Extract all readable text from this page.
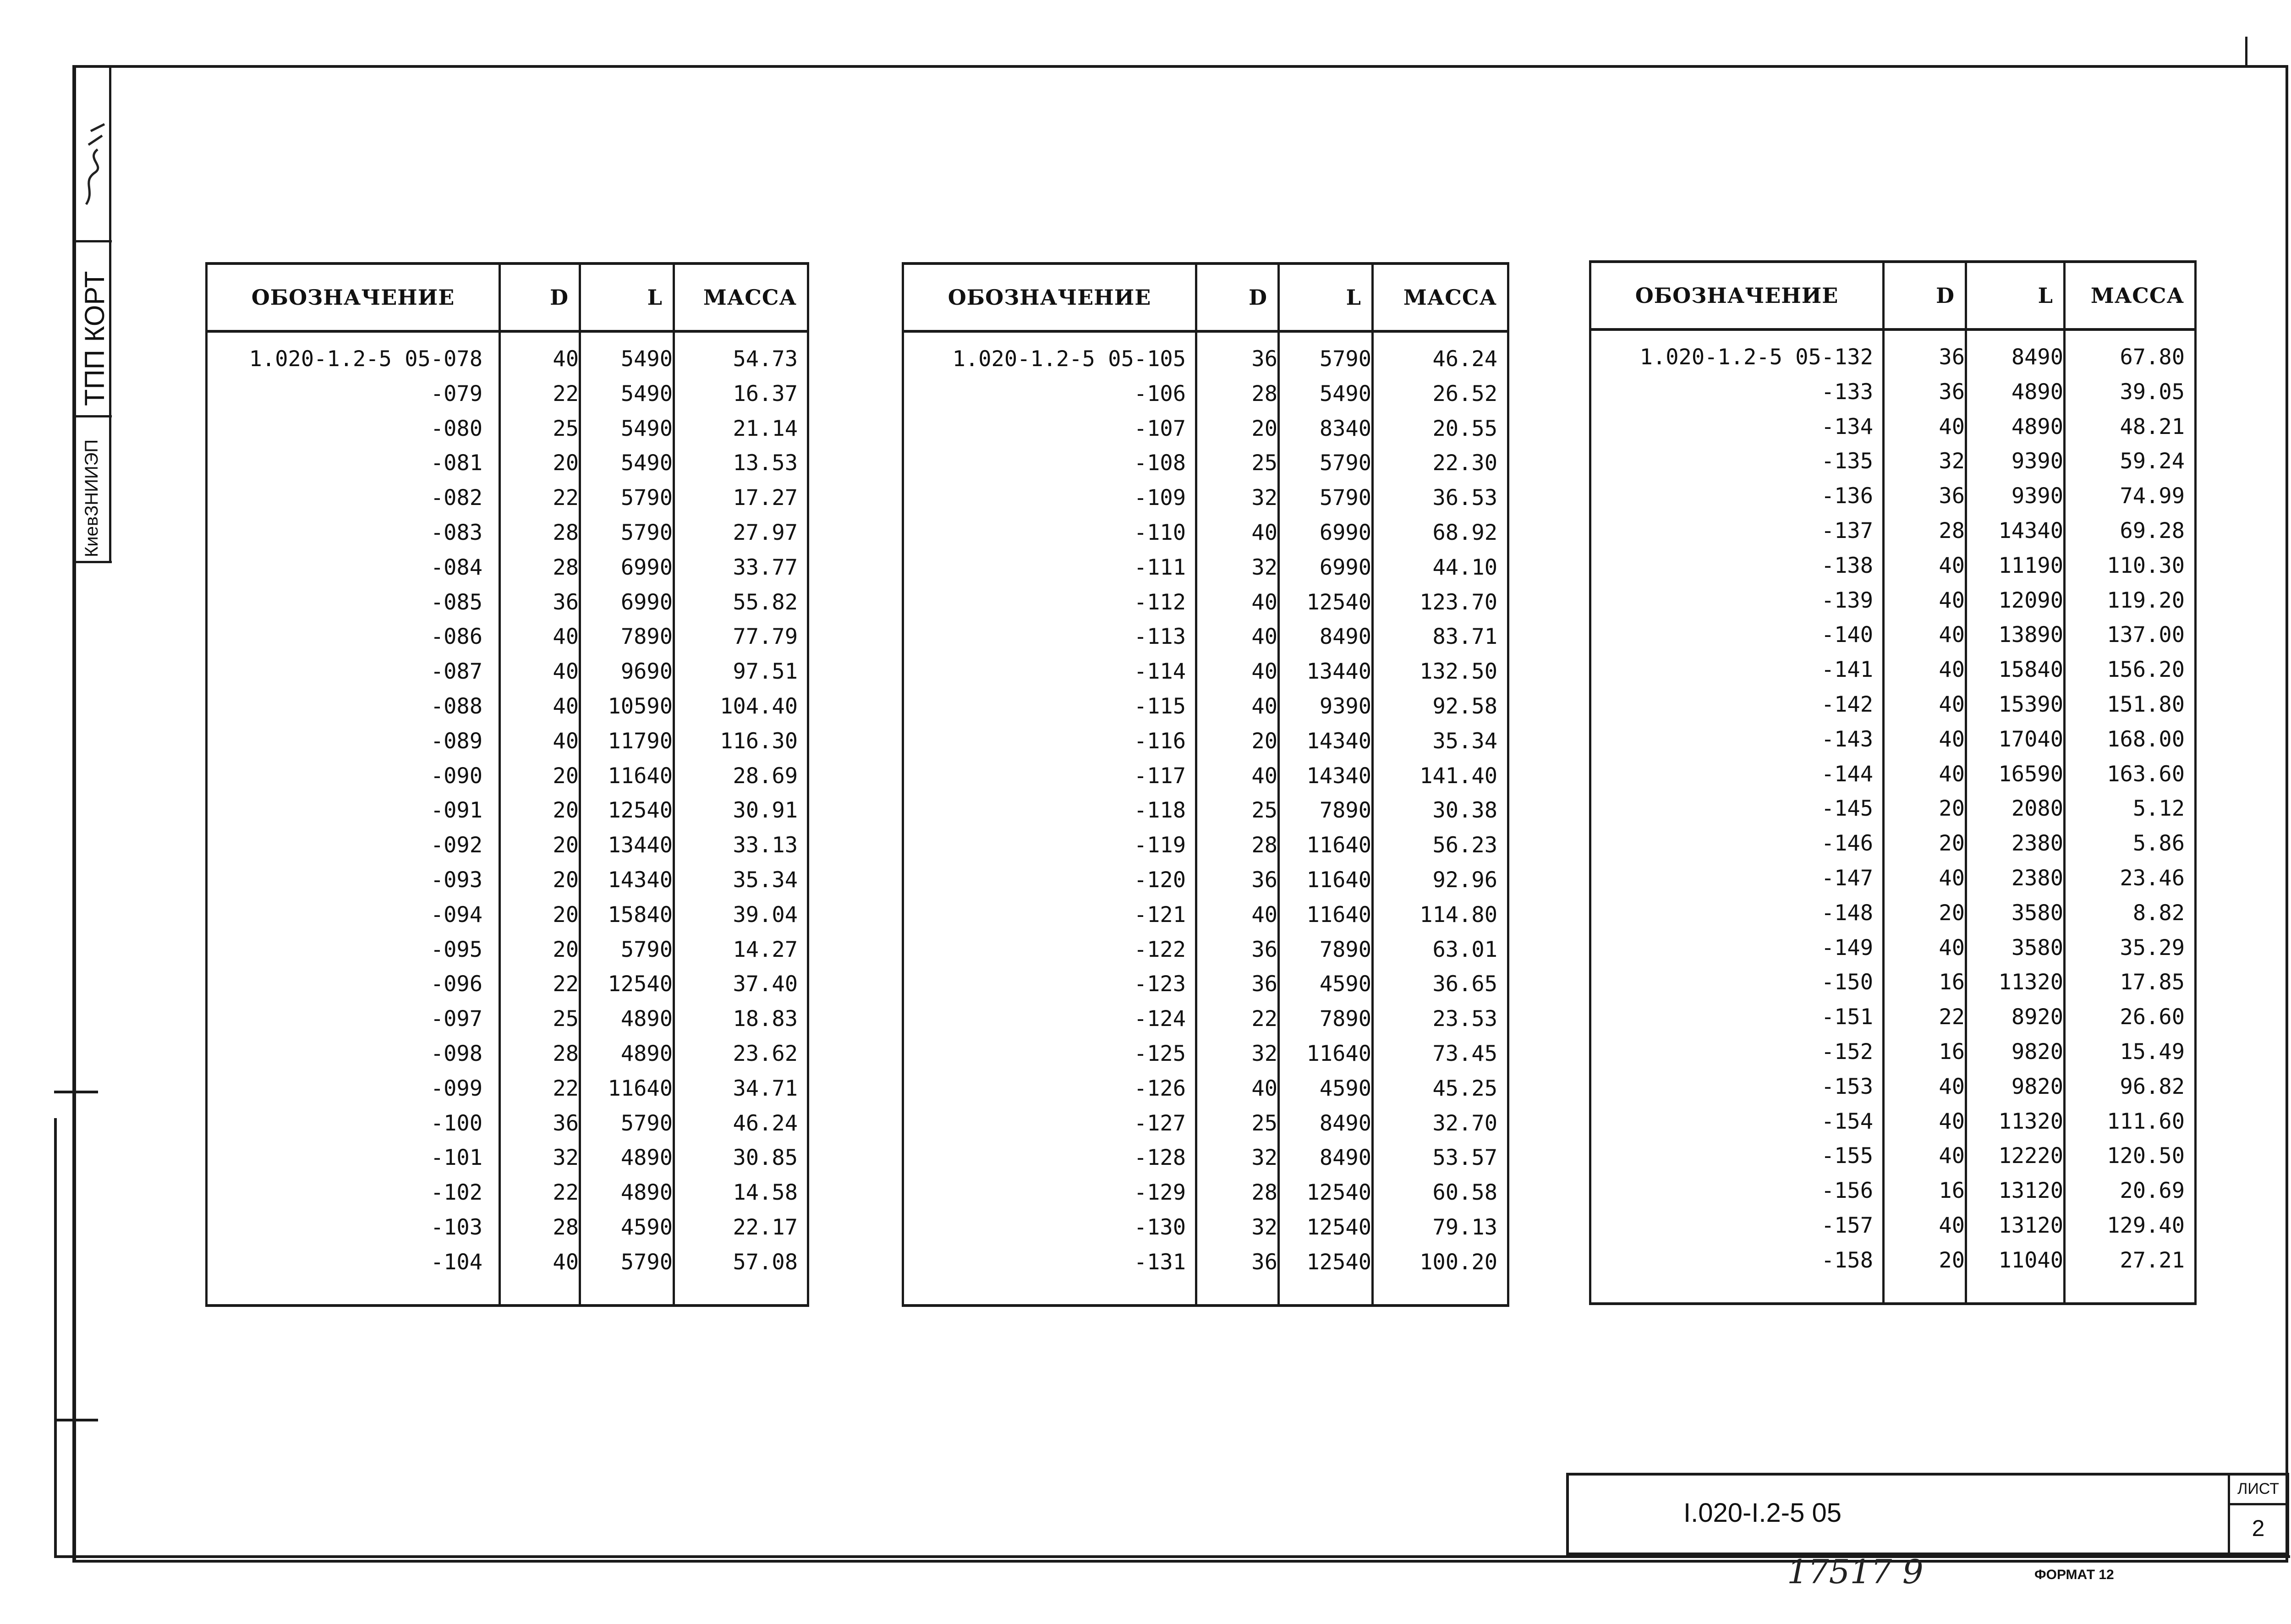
ТПП КОРТ
КиевЗНИИЭП
ОБОЗНАЧЕНИЕ	D	L	МАССА
1.020-1.2-5 05-078	40	5490	54.73
-079	22	5490	16.37
-080	25	5490	21.14
-081	20	5490	13.53
-082	22	5790	17.27
-083	28	5790	27.97
-084	28	6990	33.77
-085	36	6990	55.82
-086	40	7890	77.79
-087	40	9690	97.51
-088	40	10590	104.40
-089	40	11790	116.30
-090	20	11640	28.69
-091	20	12540	30.91
-092	20	13440	33.13
-093	20	14340	35.34
-094	20	15840	39.04
-095	20	5790	14.27
-096	22	12540	37.40
-097	25	4890	18.83
-098	28	4890	23.62
-099	22	11640	34.71
-100	36	5790	46.24
-101	32	4890	30.85
-102	22	4890	14.58
-103	28	4590	22.17
-104	40	5790	57.08
ОБОЗНАЧЕНИЕ	D	L	МАССА
1.020-1.2-5 05-105	36	5790	46.24
-106	28	5490	26.52
-107	20	8340	20.55
-108	25	5790	22.30
-109	32	5790	36.53
-110	40	6990	68.92
-111	32	6990	44.10
-112	40	12540	123.70
-113	40	8490	83.71
-114	40	13440	132.50
-115	40	9390	92.58
-116	20	14340	35.34
-117	40	14340	141.40
-118	25	7890	30.38
-119	28	11640	56.23
-120	36	11640	92.96
-121	40	11640	114.80
-122	36	7890	63.01
-123	36	4590	36.65
-124	22	7890	23.53
-125	32	11640	73.45
-126	40	4590	45.25
-127	25	8490	32.70
-128	32	8490	53.57
-129	28	12540	60.58
-130	32	12540	79.13
-131	36	12540	100.20
ОБОЗНАЧЕНИЕ	D	L	МАССА
1.020-1.2-5 05-132	36	8490	67.80
-133	36	4890	39.05
-134	40	4890	48.21
-135	32	9390	59.24
-136	36	9390	74.99
-137	28	14340	69.28
-138	40	11190	110.30
-139	40	12090	119.20
-140	40	13890	137.00
-141	40	15840	156.20
-142	40	15390	151.80
-143	40	17040	168.00
-144	40	16590	163.60
-145	20	2080	5.12
-146	20	2380	5.86
-147	40	2380	23.46
-148	20	3580	8.82
-149	40	3580	35.29
-150	16	11320	17.85
-151	22	8920	26.60
-152	16	9820	15.49
-153	40	9820	96.82
-154	40	11320	111.60
-155	40	12220	120.50
-156	16	13120	20.69
-157	40	13120	129.40
-158	20	11040	27.21
I.020-I.2-5 05
ЛИСТ
2
17517 9	ФОРМАТ 12
